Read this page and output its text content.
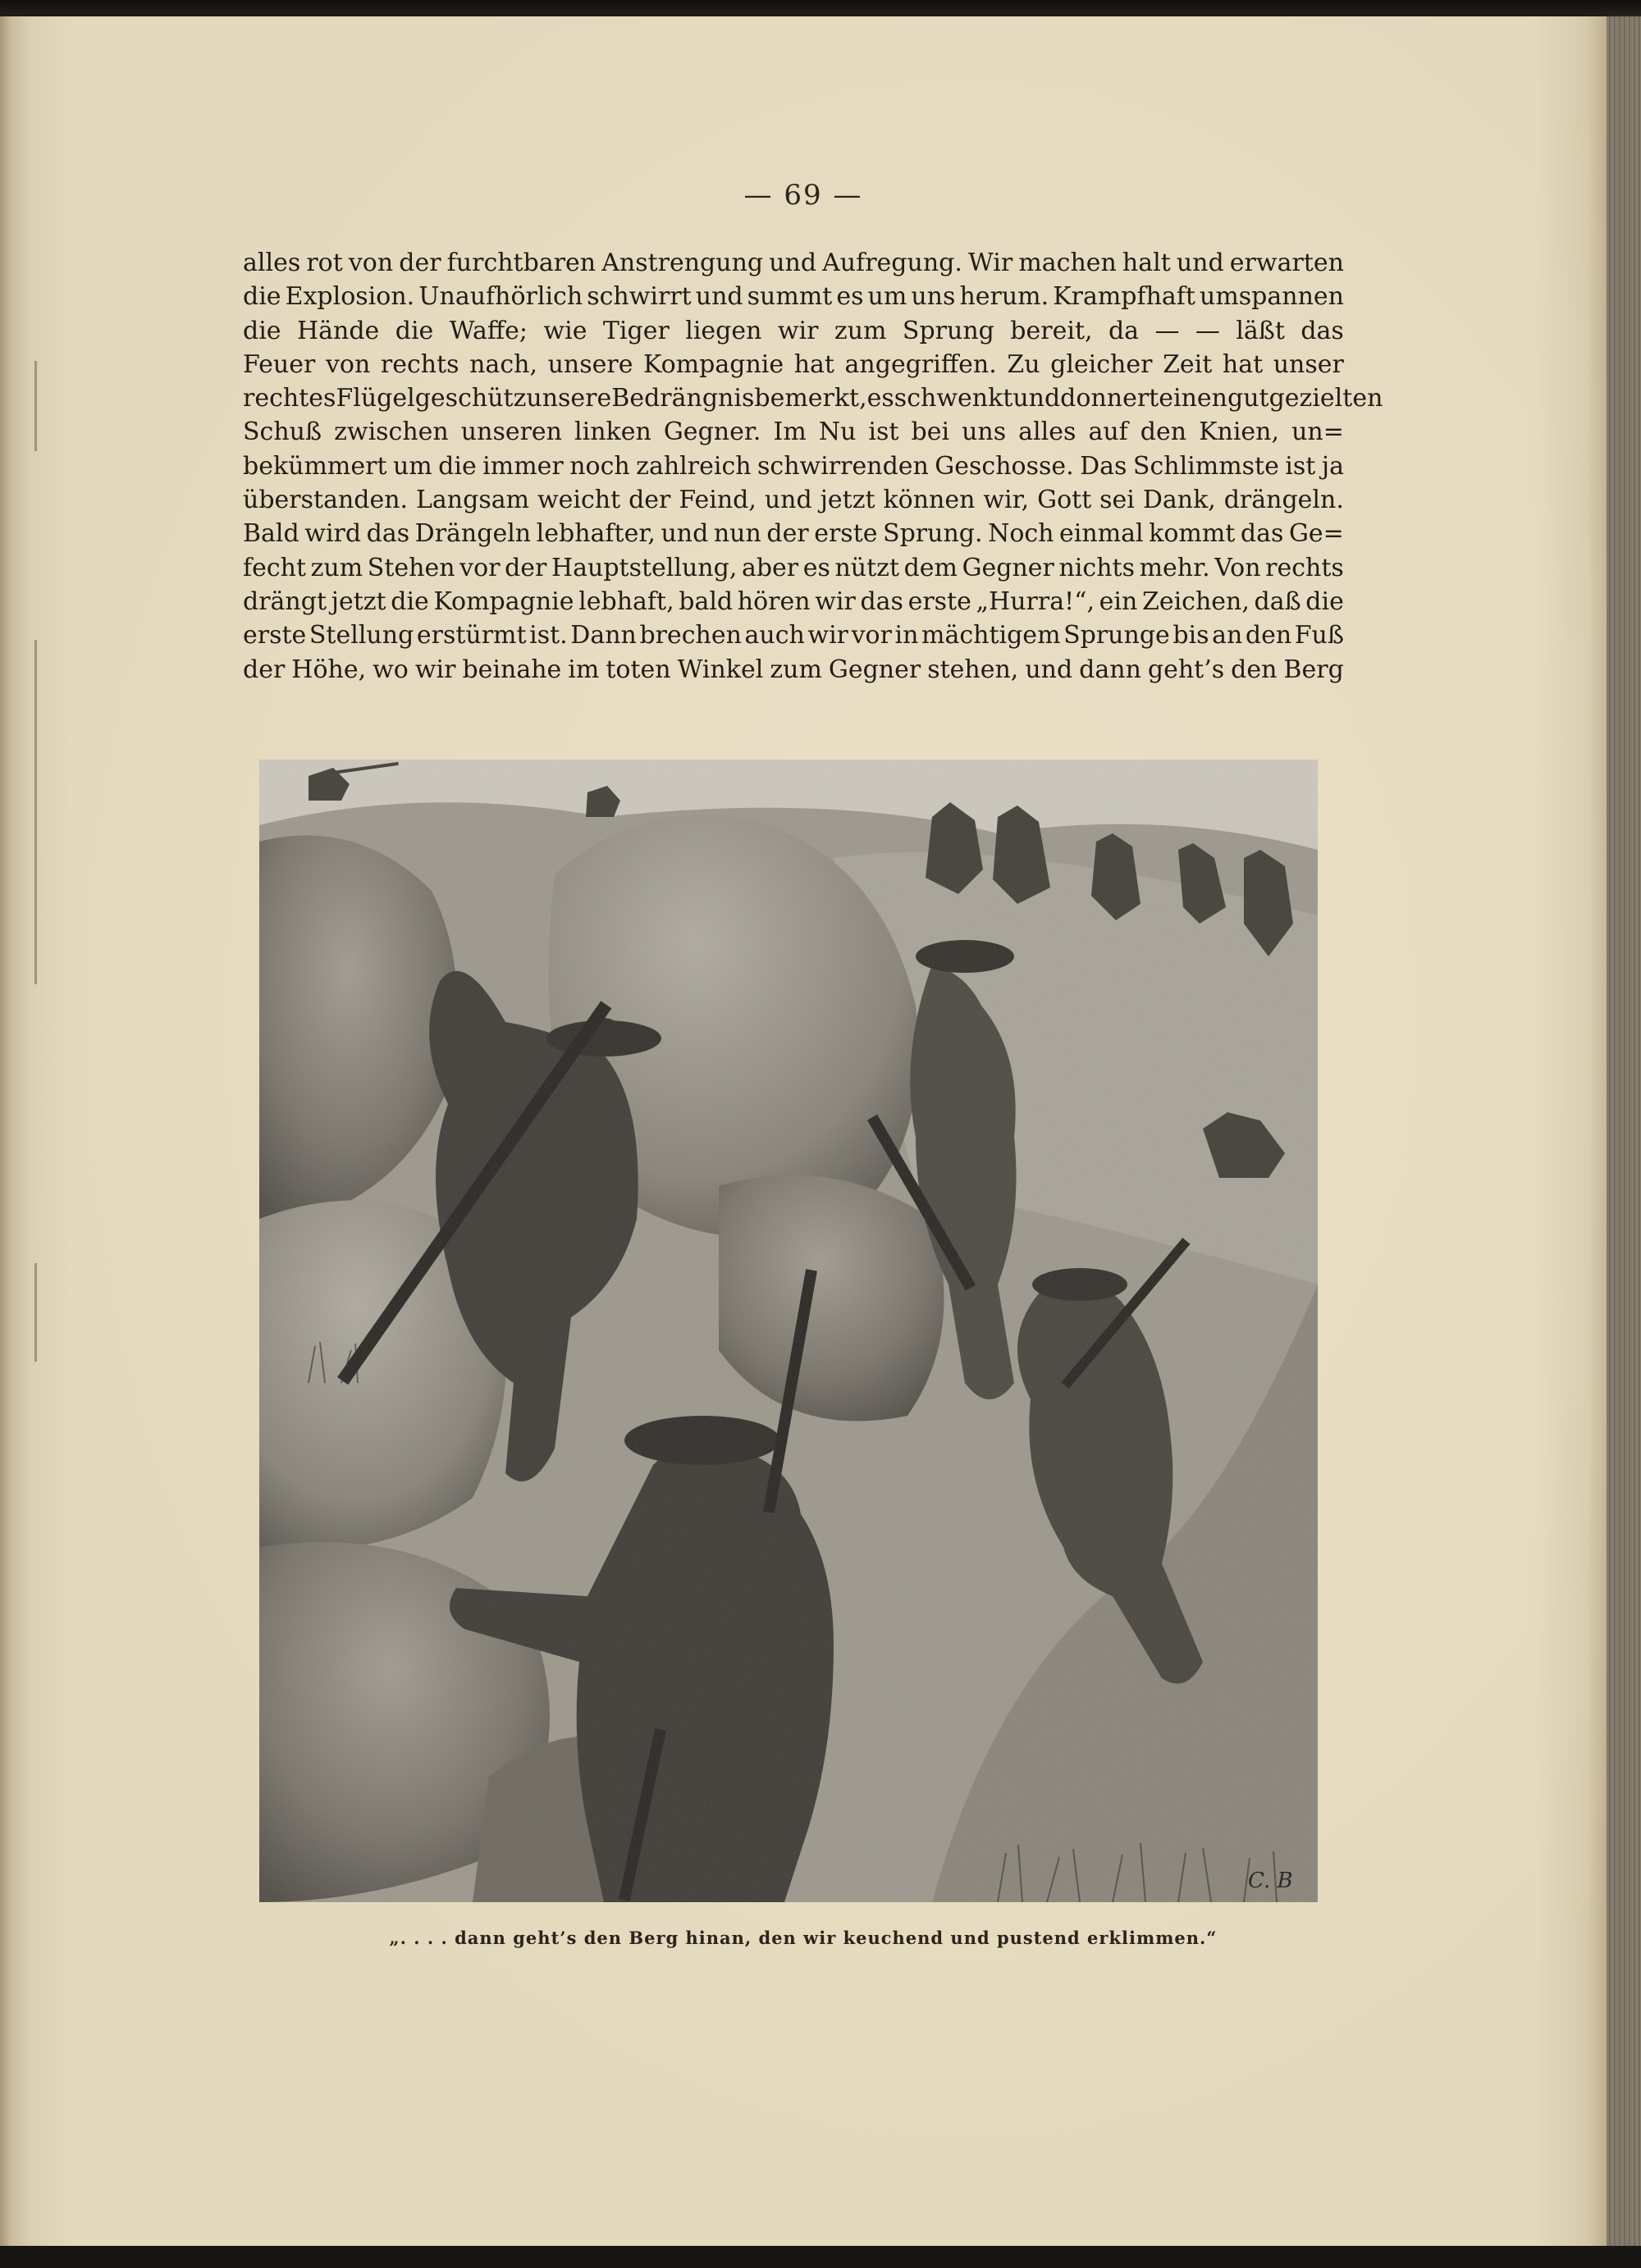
— 69 —
alles rot von der furchtbaren Anstrengung und Aufregung. Wir machen halt und erwarten
die Explosion. Unaufhörlich schwirrt und summt es um uns herum. Krampfhaft umspannen
die Hände die Waffe; wie Tiger liegen wir zum Sprung bereit, da — — läßt das
Feuer von rechts nach, unsere Kompagnie hat angegriffen. Zu gleicher Zeit hat unser
rechtes Flügelgeschütz unsere Bedrängnis bemerkt, es schwenkt und donnert einen gutgezielten
Schuß zwischen unseren linken Gegner. Im Nu ist bei uns alles auf den Knien, un=
bekümmert um die immer noch zahlreich schwirrenden Geschosse. Das Schlimmste ist ja
überstanden. Langsam weicht der Feind, und jetzt können wir, Gott sei Dank, drängeln.
Bald wird das Drängeln lebhafter, und nun der erste Sprung. Noch einmal kommt das Ge=
fecht zum Stehen vor der Hauptstellung, aber es nützt dem Gegner nichts mehr. Von rechts
drängt jetzt die Kompagnie lebhaft, bald hören wir das erste „Hurra!“, ein Zeichen, daß die
erste Stellung erstürmt ist. Dann brechen auch wir vor in mächtigem Sprunge bis an den Fuß
der Höhe, wo wir beinahe im toten Winkel zum Gegner stehen, und dann geht’s den Berg
C. B
„. . . . dann geht’s den Berg hinan, den wir keuchend und pustend erklimmen.“
